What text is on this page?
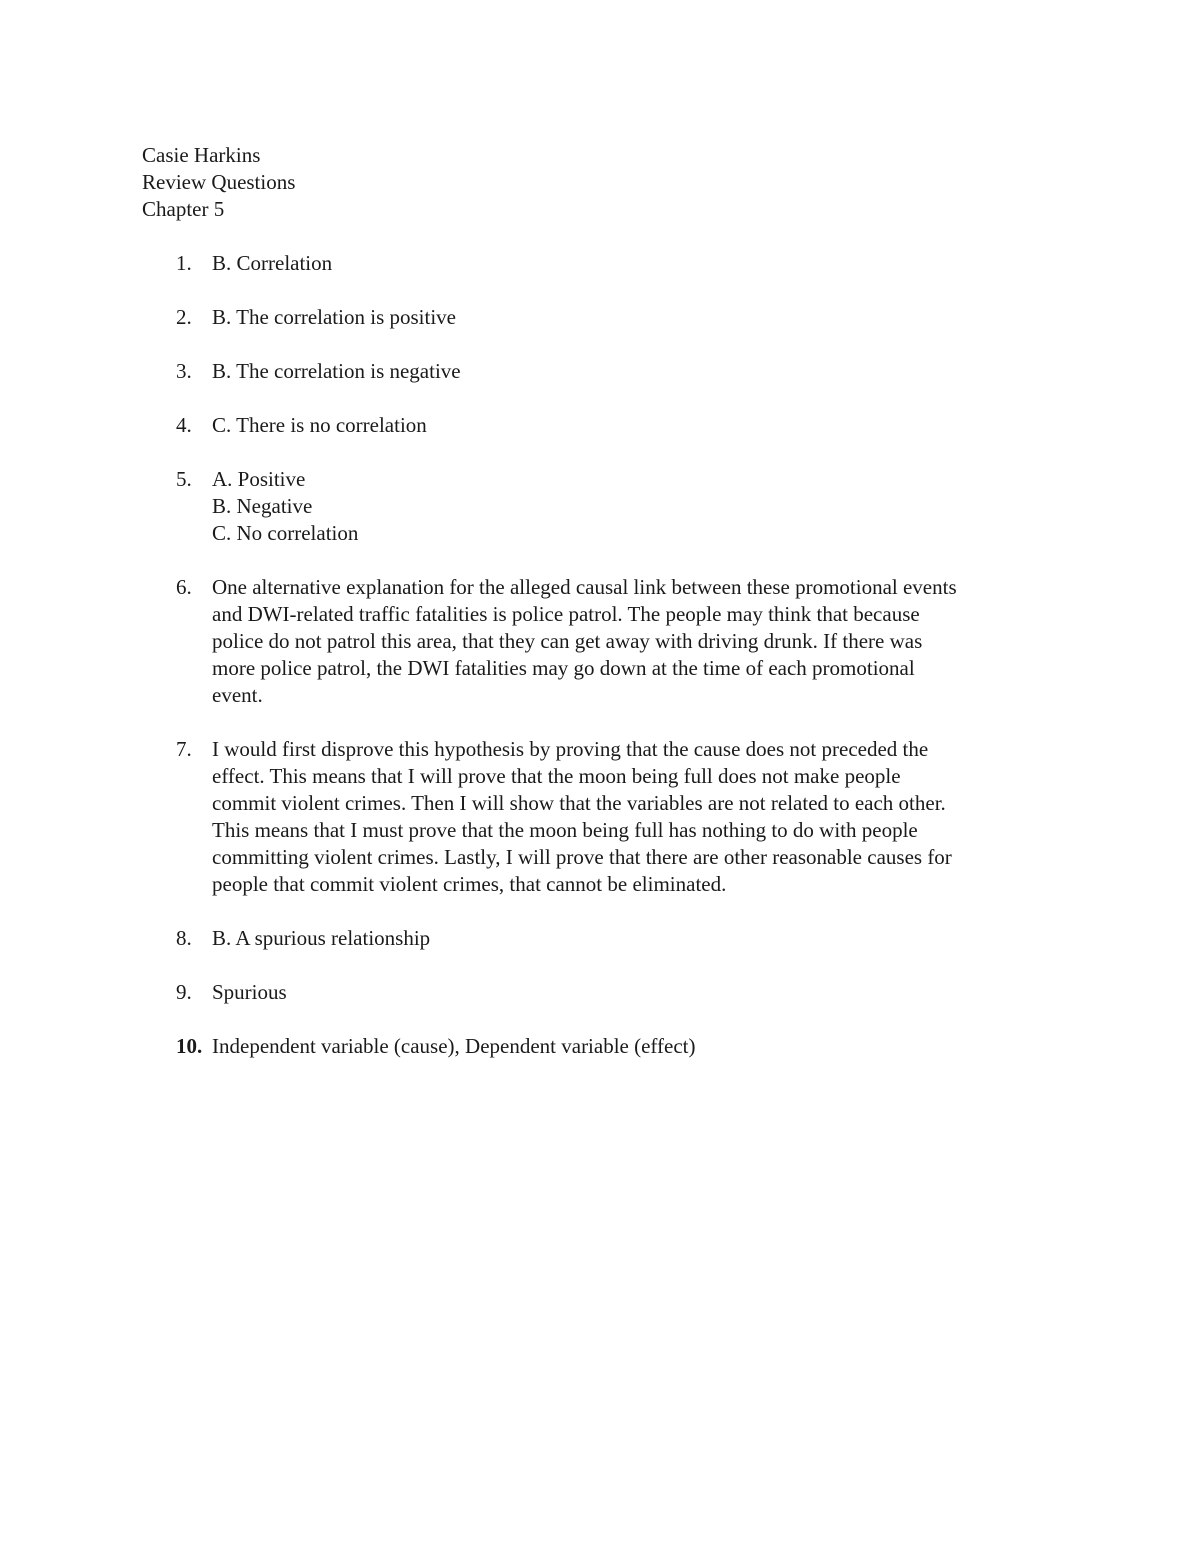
Casie Harkins
Review Questions
Chapter 5
1. B. Correlation
2. B. The correlation is positive
3. B. The correlation is negative
4. C. There is no correlation
5. A. Positive
B. Negative
C. No correlation
6. One alternative explanation for the alleged causal link between these promotional events
and DWI-related traffic fatalities is police patrol. The people may think that because
police do not patrol this area, that they can get away with driving drunk. If there was
more police patrol, the DWI fatalities may go down at the time of each promotional
event.
7. I would first disprove this hypothesis by proving that the cause does not preceded the
effect. This means that I will prove that the moon being full does not make people
commit violent crimes. Then I will show that the variables are not related to each other.
This means that I must prove that the moon being full has nothing to do with people
committing violent crimes. Lastly, I will prove that there are other reasonable causes for
people that commit violent crimes, that cannot be eliminated.
8. B. A spurious relationship
9. Spurious
10. Independent variable (cause), Dependent variable (effect)
